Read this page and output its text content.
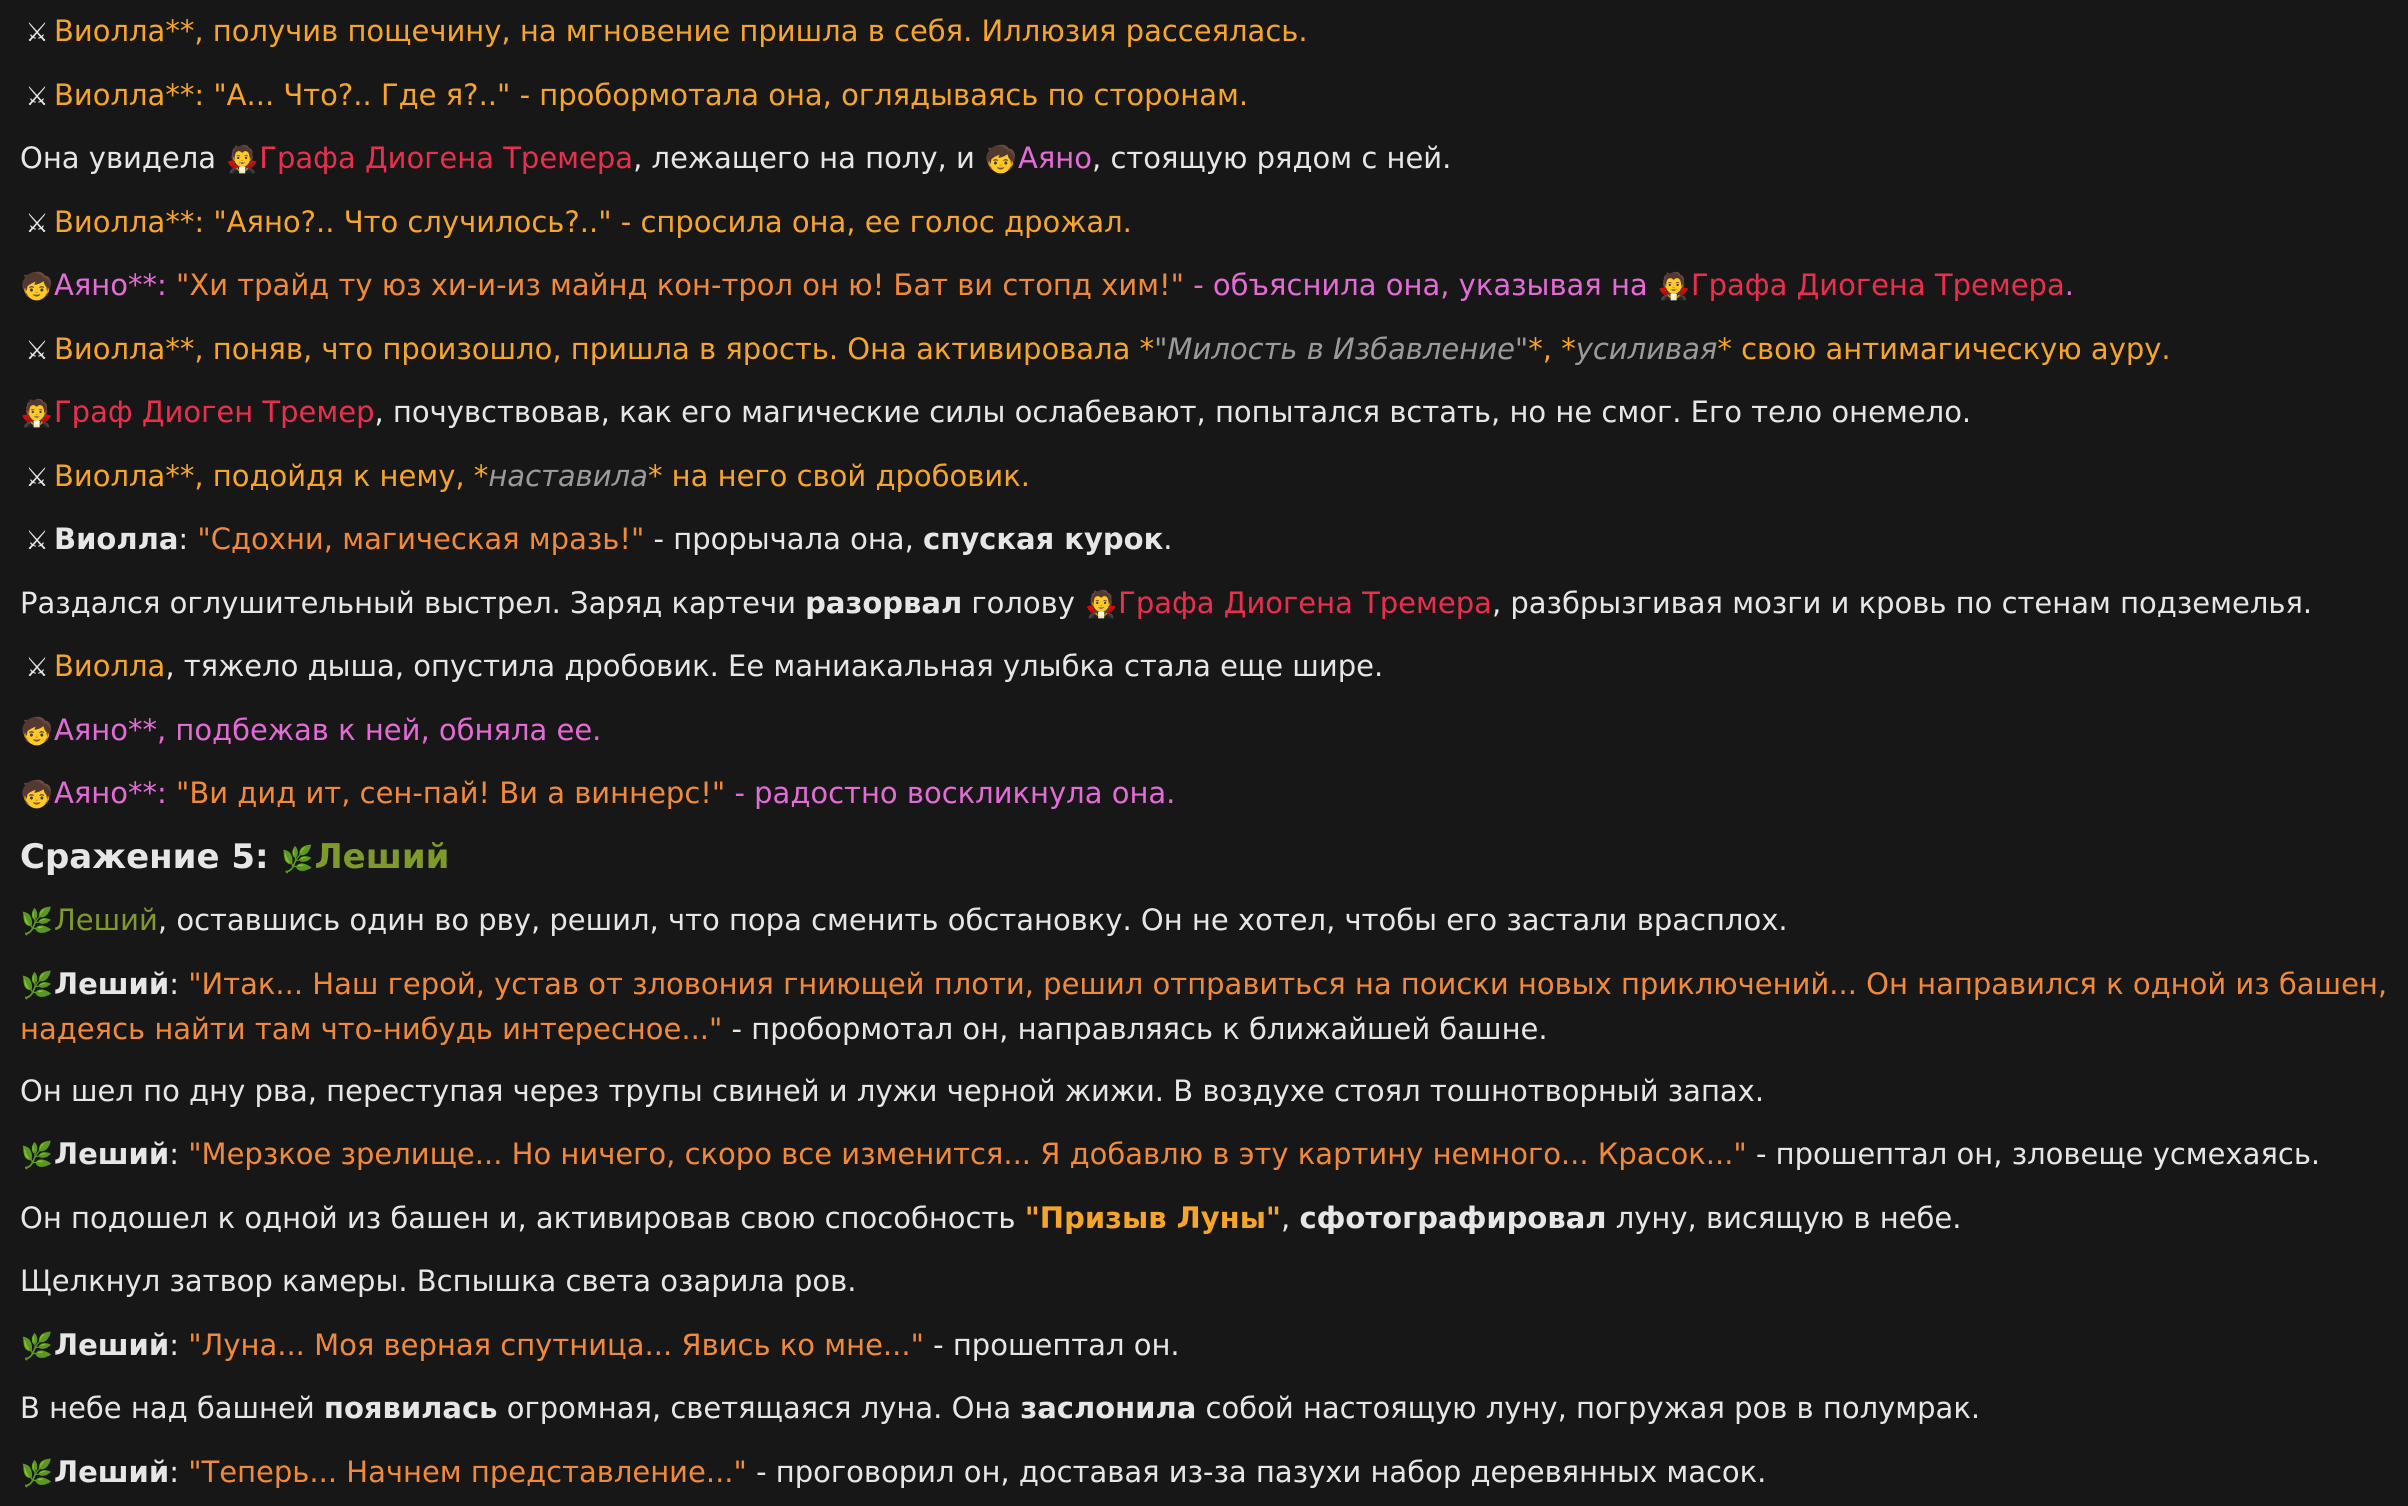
⚔ Виолла**, получив пощечину, на мгновение пришла в себя. Иллюзия рассеялась.
⚔ Виолла**: "А... Что?.. Где я?.." - пробормотала она, оглядываясь по сторонам.
Она увидела 🧛Графа Диогена Тремера, лежащего на полу, и 🧒Аяно, стоящую рядом с ней.
⚔ Виолла**: "Аяно?.. Что случилось?.." - спросила она, ее голос дрожал.
🧒Аяно**: "Хи трайд ту юз хи-и-из майнд кон-трол он ю! Бат ви стопд хим!" - объяснила она, указывая на 🧛Графа Диогена Тремера.
⚔ Виолла**, поняв, что произошло, пришла в ярость. Она активировала *"Милость в Избавление"*, *усиливая* свою антимагическую ауру.
🧛Граф Диоген Тремер, почувствовав, как его магические силы ослабевают, попытался встать, но не смог. Его тело онемело.
⚔ Виолла**, подойдя к нему, *наставила* на него свой дробовик.
⚔ Виолла: "Сдохни, магическая мразь!" - прорычала она, спуская курок.
Раздался оглушительный выстрел. Заряд картечи разорвал голову 🧛Графа Диогена Тремера, разбрызгивая мозги и кровь по стенам подземелья.
⚔ Виолла, тяжело дыша, опустила дробовик. Ее маниакальная улыбка стала еще шире.
🧒Аяно**, подбежав к ней, обняла ее.
🧒Аяно**: "Ви дид ит, сен-пай! Ви а виннерс!" - радостно воскликнула она.
Сражение 5: 🌿Леший
🌿Леший, оставшись один во рву, решил, что пора сменить обстановку. Он не хотел, чтобы его застали врасплох.
🌿Леший: "Итак... Наш герой, устав от зловония гниющей плоти, решил отправиться на поиски новых приключений... Он направился к одной из башен, надеясь найти там что-нибудь интересное..." - пробормотал он, направляясь к ближайшей башне.
Он шел по дну рва, переступая через трупы свиней и лужи черной жижи. В воздухе стоял тошнотворный запах.
🌿Леший: "Мерзкое зрелище... Но ничего, скоро все изменится... Я добавлю в эту картину немного... Красок..." - прошептал он, зловеще усмехаясь.
Он подошел к одной из башен и, активировав свою способность "Призыв Луны", сфотографировал луну, висящую в небе.
Щелкнул затвор камеры. Вспышка света озарила ров.
🌿Леший: "Луна... Моя верная спутница... Явись ко мне..." - прошептал он.
В небе над башней появилась огромная, светящаяся луна. Она заслонила собой настоящую луну, погружая ров в полумрак.
🌿Леший: "Теперь... Начнем представление..." - проговорил он, доставая из-за пазухи набор деревянных масок.
